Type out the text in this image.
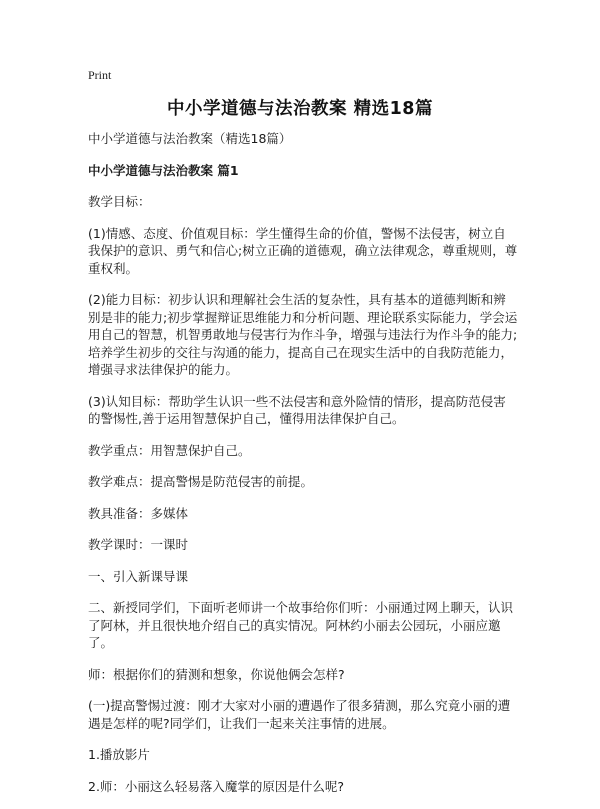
Print
中小学道德与法治教案 精选18篇

中小学道德与法治教案（精选18篇）

中小学道德与法治教案 篇1

教学目标：

(1)情感、态度、价值观目标：学生懂得生命的价值，警惕不法侵害，树立自我保护的意识、勇气和信心;树立正确的道德观，确立法律观念，尊重规则，尊重权利。

(2)能力目标：初步认识和理解社会生活的复杂性，具有基本的道德判断和辨别是非的能力;初步掌握辩证思维能力和分析问题、理论联系实际能力，学会运用自己的智慧，机智勇敢地与侵害行为作斗争，增强与违法行为作斗争的能力;培养学生初步的交往与沟通的能力，提高自己在现实生活中的自我防范能力，增强寻求法律保护的能力。

(3)认知目标：帮助学生认识一些不法侵害和意外险情的情形，提高防范侵害的警惕性,善于运用智慧保护自己，懂得用法律保护自己。

教学重点：用智慧保护自己。

教学难点：提高警惕是防范侵害的前提。

教具准备：多媒体

教学课时：一课时

一、引入新课导课

二、新授同学们，下面听老师讲一个故事给你们听：小丽通过网上聊天，认识了阿林，并且很快地介绍自己的真实情况。阿林约小丽去公园玩，小丽应邀了。

师：根据你们的猜测和想象，你说他俩会怎样?

(一)提高警惕过渡：刚才大家对小丽的遭遇作了很多猜测，那么究竟小丽的遭遇是怎样的呢?同学们，让我们一起来关注事情的进展。

1.播放影片

2.师：小丽这么轻易落入魔掌的原因是什么呢?
